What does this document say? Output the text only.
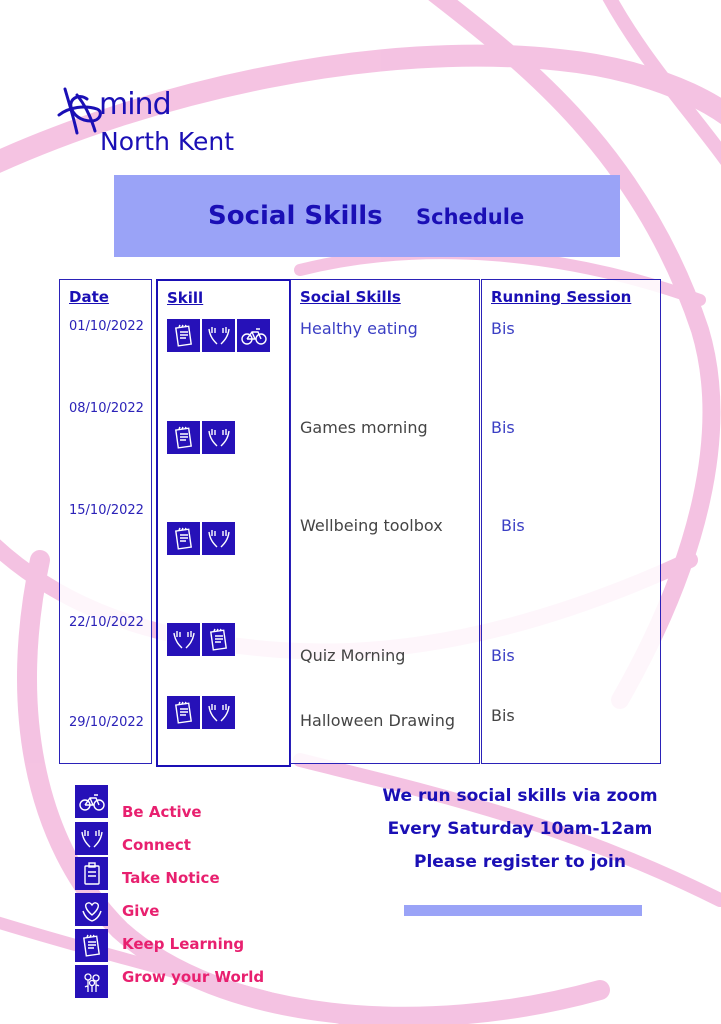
mind
North Kent
Social Skills Schedule
Date
01/10/2022
08/10/2022
15/10/2022
22/10/2022
29/10/2022
Skill	Social Skills
Healthy eating
Games morning
Wellbeing toolbox
Quiz Morning
Halloween Drawing
Running Session
Bis
Bis
Bis
Bis
Bis
Be Active
Connect
Take Notice
Give
Keep Learning
Grow your World
We run social skills via zoom
Every Saturday 10am-12am
Please register to join
